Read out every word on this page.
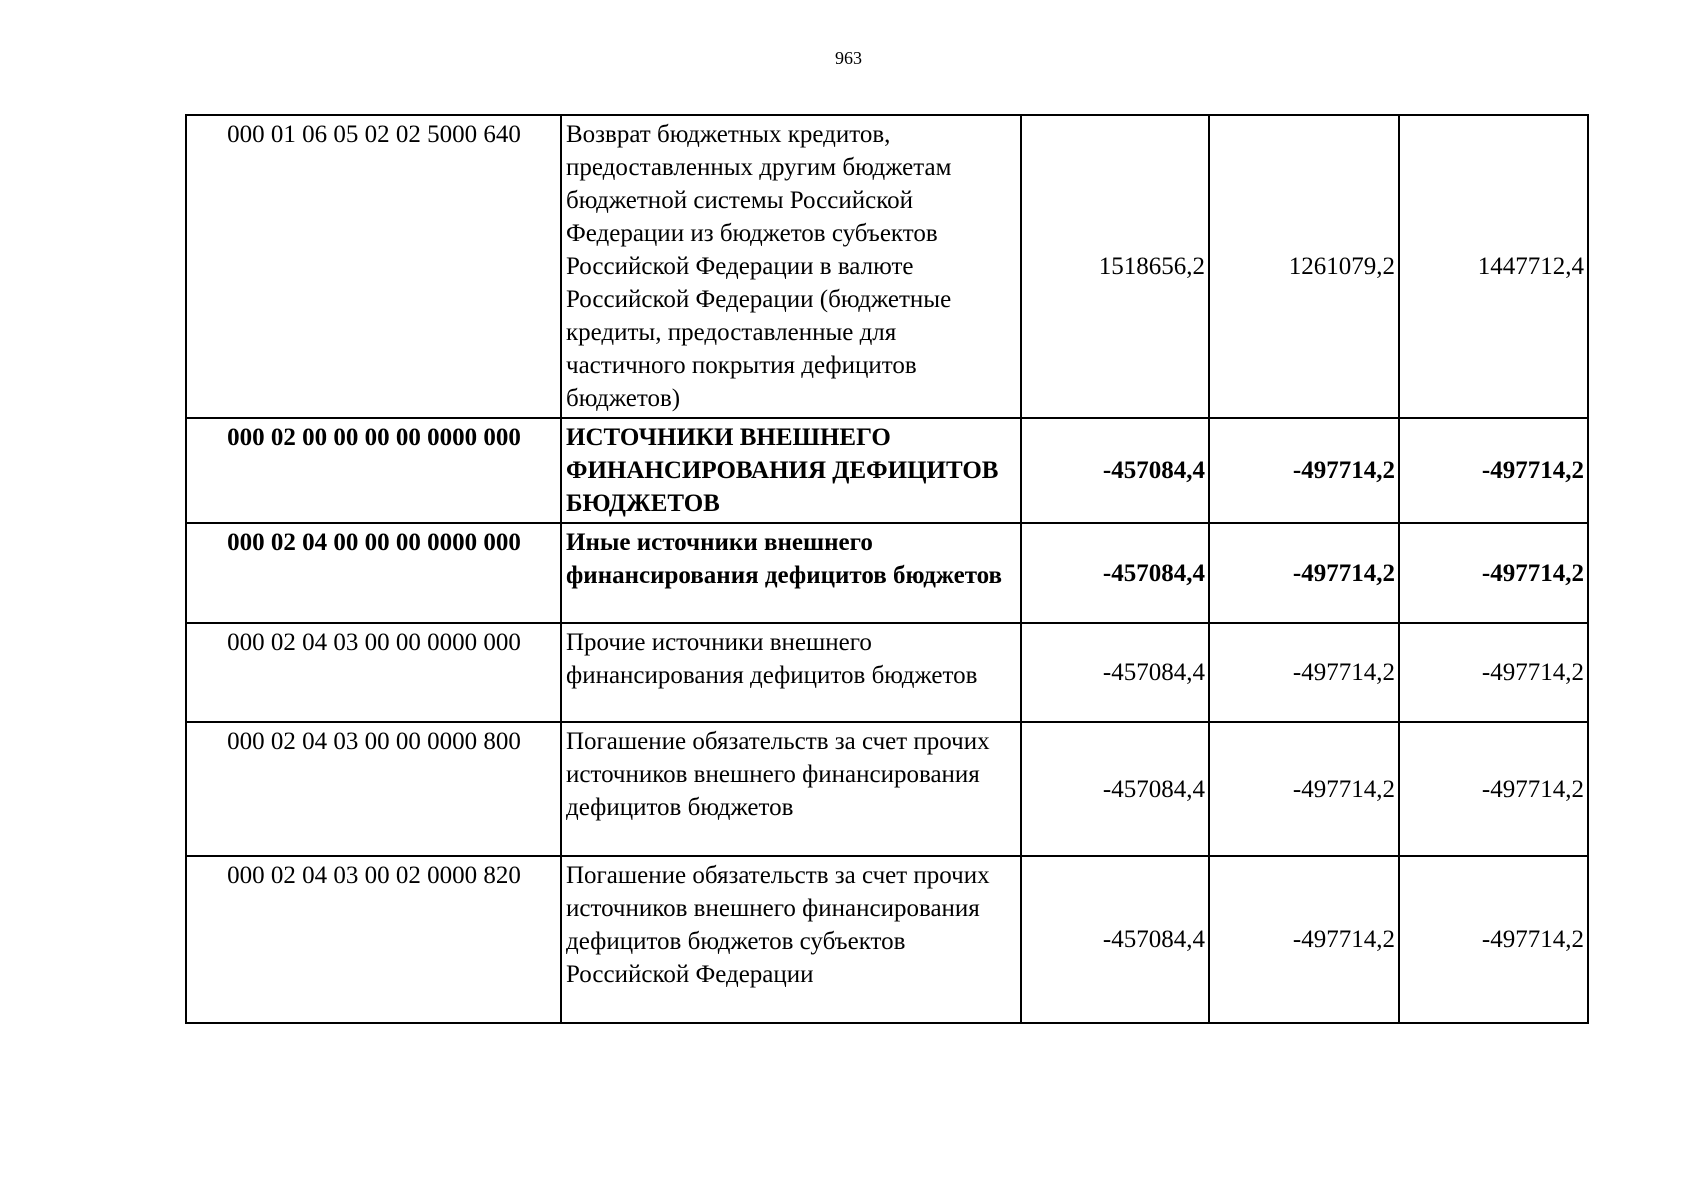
963
000 01 06 05 02 02 5000 640	Возврат бюджетных кредитов, предоставленных другим бюджетам бюджетной системы Российской Федерации из бюджетов субъектов Российской Федерации в валюте Российской Федерации (бюджетные кредиты, предоставленные для частичного покрытия дефицитов бюджетов)	1518656,2	1261079,2	1447712,4
000 02 00 00 00 00 0000 000	ИСТОЧНИКИ ВНЕШНЕГО ФИНАНСИРОВАНИЯ ДЕФИЦИТОВ БЮДЖЕТОВ	-457084,4	-497714,2	-497714,2
000 02 04 00 00 00 0000 000	Иные источники внешнего финансирования дефицитов бюджетов	-457084,4	-497714,2	-497714,2
000 02 04 03 00 00 0000 000	Прочие источники внешнего финансирования дефицитов бюджетов	-457084,4	-497714,2	-497714,2
000 02 04 03 00 00 0000 800	Погашение обязательств за счет прочих источников внешнего финансирования дефицитов бюджетов	-457084,4	-497714,2	-497714,2
000 02 04 03 00 02 0000 820	Погашение обязательств за счет прочих источников внешнего финансирования дефицитов бюджетов субъектов Российской Федерации	-457084,4	-497714,2	-497714,2
